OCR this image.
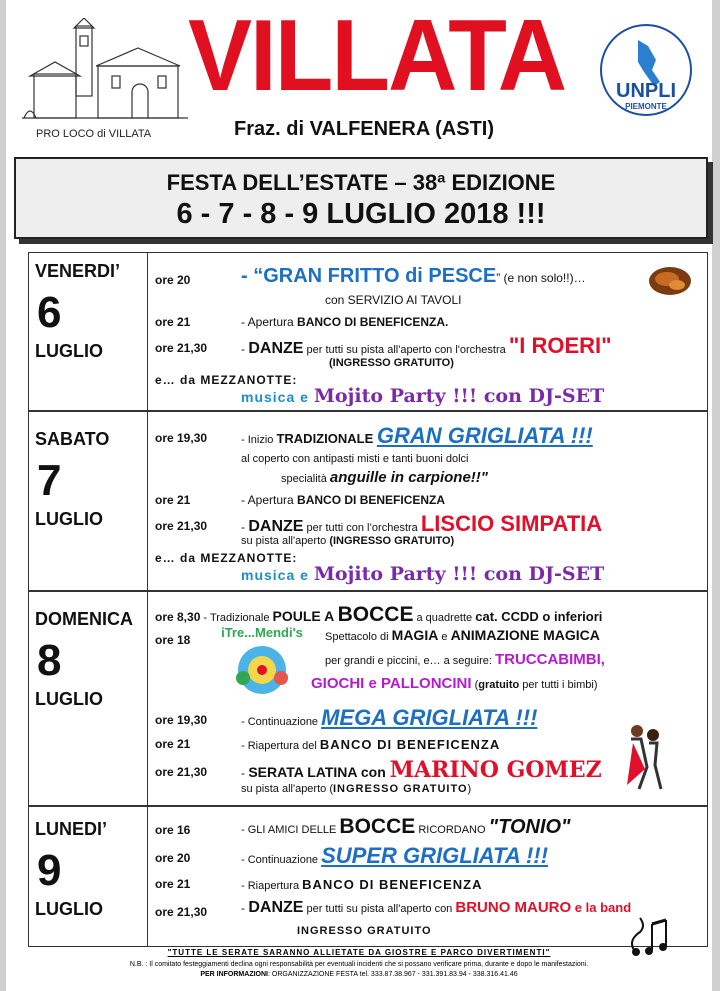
PRO LOCO di VILLATA
VILLATA
Fraz. di VALFENERA (ASTI)
UNPLI
PIEMONTE
FESTA DELL’ESTATE – 38ª EDIZIONE
6 - 7 - 8 - 9 LUGLIO 2018 !!!
VENERDI’
6
LUGLIO
ore 20	- “GRAN FRITTO di PESCE” (e non solo!!)…
con SERVIZIO AI TAVOLI
ore 21	- Apertura BANCO DI BENEFICENZA.
ore 21,30	- DANZE per tutti su pista all'aperto con l'orchestra "I ROERI"
(INGRESSO GRATUITO)
e… da MEZZANOTTE:
musica e Mojito Party !!! con DJ-SET
SABATO
7
LUGLIO
ore 19,30	- Inizio TRADIZIONALE GRAN GRIGLIATA !!!
al coperto con antipasti misti e tanti buoni dolci
specialità anguille in carpione!!"
ore 21	- Apertura BANCO DI BENEFICENZA
ore 21,30	- DANZE per tutti con l’orchestra LISCIO SIMPATIA
su pista all'aperto (INGRESSO GRATUITO)
e… da MEZZANOTTE:
musica e Mojito Party !!! con DJ-SET
DOMENICA
8
LUGLIO
ore 8,30 - Tradizionale POULE A BOCCE a quadrette cat. CCDD o inferiori
ore 18	iTre...Mendi's	Spettacolo di MAGIA e ANIMAZIONE MAGICA
per grandi e piccini, e… a seguire: TRUCCABIMBI,
GIOCHI e PALLONCINI (gratuito per tutti i bimbi)
ore 19,30	- Continuazione MEGA GRIGLIATA !!!
ore 21	- Riapertura del BANCO DI BENEFICENZA
ore 21,30	- SERATA LATINA con MARINO GOMEZ
su pista all'aperto (INGRESSO GRATUITO)
LUNEDI’
9
LUGLIO
ore 16	- GLI AMICI DELLE BOCCE RICORDANO "TONIO"
ore 20	- Continuazione SUPER GRIGLIATA !!!
ore 21	- Riapertura BANCO DI BENEFICENZA
ore 21,30	- DANZE per tutti su pista all'aperto con BRUNO MAURO e la band
INGRESSO GRATUITO
"TUTTE LE SERATE SARANNO ALLIETATE DA GIOSTRE E PARCO DIVERTIMENTI"
N.B. : Il comitato festeggiamenti declina ogni responsabilità per eventuali incidenti che si possano verificare prima, durante e dopo le manifestazioni.
PER INFORMAZIONI: ORGANIZZAZIONE FESTA tel. 333.87.38.967 - 331.391.83.94 - 338.316.41.46
